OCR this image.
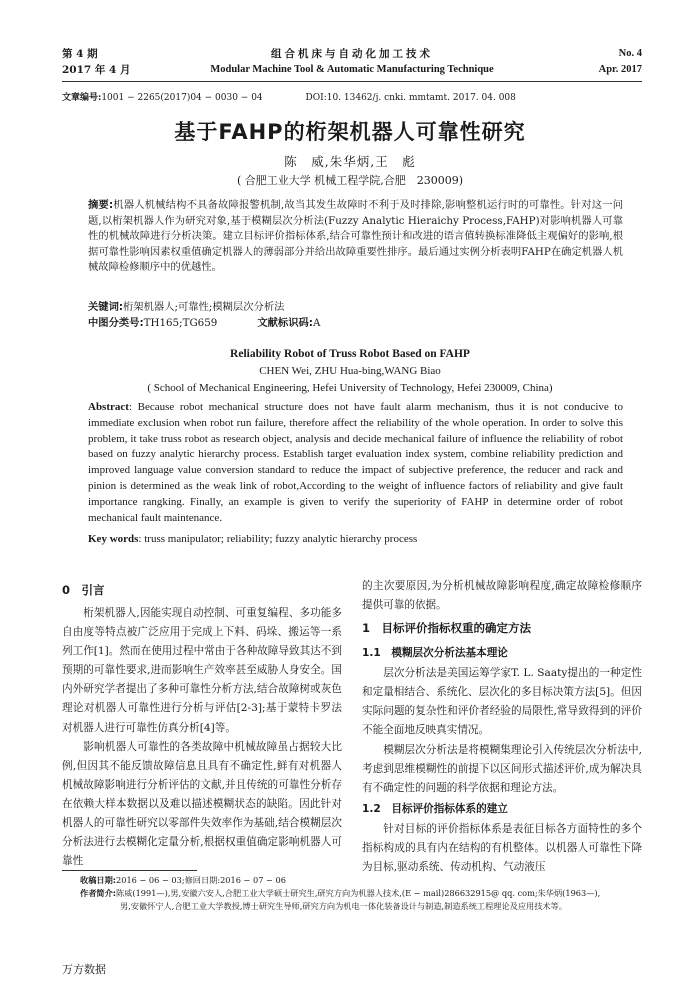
第 4 期
2017 年 4 月
组合机床与自动化加工技术
Modular Machine Tool & Automatic Manufacturing Technique
No. 4
Apr. 2017
文章编号:1001 − 2265(2017)04 − 0030 − 04	DOI:10. 13462/j. cnki. mmtamt. 2017. 04. 008
基于FAHP的桁架机器人可靠性研究
陈　威,朱华炳,王　彪
( 合肥工业大学 机械工程学院,合肥　230009)
摘要:机器人机械结构不具备故障报警机制,故当其发生故障时不利于及时排除,影响整机运行时的可靠性。针对这一问题,以桁架机器人作为研究对象,基于模糊层次分析法(Fuzzy Analytic Hieraichy Process,FAHP)对影响机器人可靠性的机械故障进行分析决策。建立目标评价指标体系,结合可靠性预计和改进的语言值转换标准降低主观偏好的影响,根据可靠性影响因素权重值确定机器人的薄弱部分并给出故障重要性排序。最后通过实例分析表明FAHP在确定机器人机械故障检修顺序中的优越性。
关键词:桁架机器人;可靠性;模糊层次分析法
中图分类号:TH165;TG659	文献标识码:A
Reliability Robot of Truss Robot Based on FAHP
CHEN Wei, ZHU Hua-bing,WANG Biao
( School of Mechanical Engineering, Hefei University of Technology, Hefei 230009, China)
Abstract: Because robot mechanical structure does not have fault alarm mechanism, thus it is not conducive to immediate exclusion when robot run failure, therefore affect the reliability of the whole operation. In order to solve this problem, it take truss robot as research object, analysis and decide mechanical failure of influence the reliability of robot based on fuzzy analytic hierarchy process. Establish target evaluation index system, combine reliability prediction and improved language value conversion standard to reduce the impact of subjective preference, the reducer and rack and pinion is determined as the weak link of robot,According to the weight of influence factors of reliability and give fault importance rangking. Finally, an example is given to verify the superiority of FAHP in determine order of robot mechanical fault maintenance.
Key words: truss manipulator; reliability; fuzzy analytic hierarchy process
0　引言
桁架机器人,因能实现自动控制、可重复编程、多功能多自由度等特点被广泛应用于完成上下料、码垛、搬运等一系列工作[1]。然而在使用过程中常由于各种故障导致其达不到预期的可靠性要求,进而影响生产效率甚至威胁人身安全。国内外研究学者提出了多种可靠性分析方法,结合故障树或灰色理论对机器人可靠性进行分析与评估[2-3];基于蒙特卡罗法对机器人进行可靠性仿真分析[4]等。
影响机器人可靠性的各类故障中机械故障虽占据较大比例,但因其不能反馈故障信息且具有不确定性,鲜有对机器人机械故障影响进行分析评估的文献,并且传统的可靠性分析存在依赖大样本数据以及难以描述模糊状态的缺陷。因此针对机器人的可靠性研究以零部件失效率作为基础,结合模糊层次分析法进行去模糊化定量分析,根据权重值确定影响机器人可靠性
的主次要原因,为分析机械故障影响程度,确定故障检修顺序提供可靠的依据。
1　目标评价指标权重的确定方法
1.1　模糊层次分析法基本理论
层次分析法是美国运筹学家T. L. Saaty提出的一种定性和定量相结合、系统化、层次化的多目标决策方法[5]。但因实际问题的复杂性和评价者经验的局限性,常导致得到的评价不能全面地反映真实情况。
模糊层次分析法是将模糊集理论引入传统层次分析法中,考虑到思维模糊性的前提下以区间形式描述评价,成为解决具有不确定性的问题的科学依据和理论方法。
1.2　目标评价指标体系的建立
针对目标的评价指标体系是表征目标各方面特性的多个指标构成的具有内在结构的有机整体。以机器人可靠性下降为目标,驱动系统、传动机构、气动液压
收稿日期:2016 − 06 − 03;修回日期:2016 − 07 − 06
作者简介:陈威(1991—),男,安徽六安人,合肥工业大学硕士研究生,研究方向为机器人技术,(E − mail)286632915@ qq. com;朱华炳(1963—),
男,安徽怀宁人,合肥工业大学教授,博士研究生导师,研究方向为机电一体化装备设计与制造,制造系统工程理论及应用技术等。
万方数据
